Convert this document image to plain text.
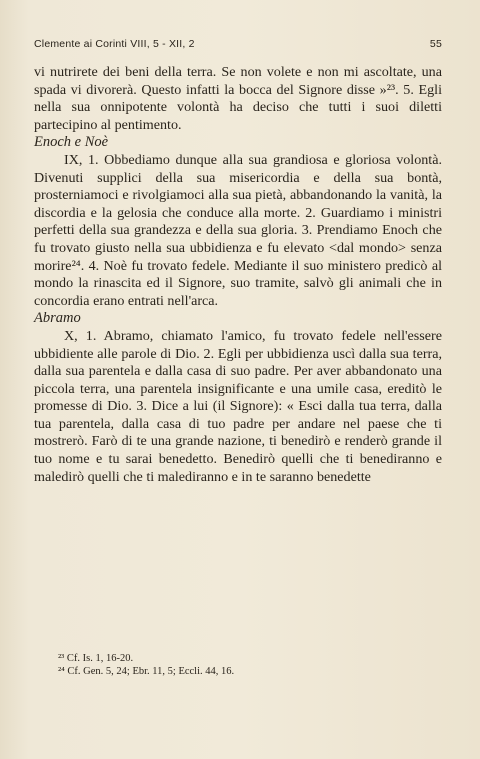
Clemente ai Corinti VIII, 5 - XII, 2	55

vi nutrirete dei beni della terra. Se non volete e non mi ascoltate, una spada vi divorerà. Questo infatti la bocca del Signore disse »²³. 5. Egli nella sua onnipotente volontà ha deciso che tutti i suoi diletti partecipino al pentimento.

Enoch e Noè

IX, 1. Obbediamo dunque alla sua grandiosa e gloriosa volontà. Divenuti supplici della sua misericordia e della sua bontà, prosterniamoci e rivolgiamoci alla sua pietà, abbandonando la vanità, la discordia e la gelosia che conduce alla morte. 2. Guardiamo i ministri perfetti della sua grandezza e della sua gloria. 3. Prendiamo Enoch che fu trovato giusto nella sua ubbidienza e fu elevato <dal mondo> senza morire²⁴. 4. Noè fu trovato fedele. Mediante il suo ministero predicò al mondo la rinascita ed il Signore, suo tramite, salvò gli animali che in concordia erano entrati nell'arca.

Abramo

X, 1. Abramo, chiamato l'amico, fu trovato fedele nell'essere ubbidiente alle parole di Dio. 2. Egli per ubbidienza uscì dalla sua terra, dalla sua parentela e dalla casa di suo padre. Per aver abbandonato una piccola terra, una parentela insignificante e una umile casa, ereditò le promesse di Dio. 3. Dice a lui (il Signore): « Esci dalla tua terra, dalla tua parentela, dalla casa di tuo padre per andare nel paese che ti mostrerò. Farò di te una grande nazione, ti benedirò e renderò grande il tuo nome e tu sarai benedetto. Benedirò quelli che ti benediranno e maledirò quelli che ti malediranno e in te saranno benedette

²³ Cf. Is. 1, 16-20.
²⁴ Cf. Gen. 5, 24; Ebr. 11, 5; Eccli. 44, 16.
